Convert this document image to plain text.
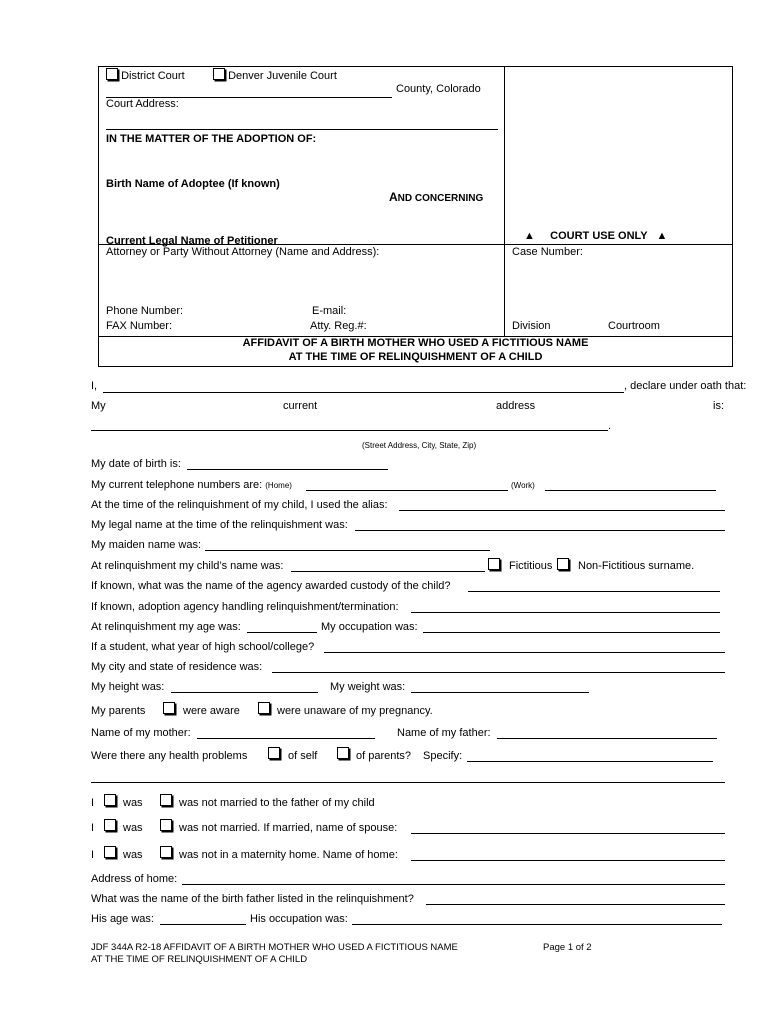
District Court	Denver Juvenile Court
County, Colorado
Court Address:
IN THE MATTER OF THE ADOPTION OF:
Birth Name of Adoptee (If known)
AND CONCERNING
Current Legal Name of Petitioner	▲ COURT USE ONLY ▲
Attorney or Party Without Attorney (Name and Address):	Case Number:
Phone Number:	E-mail:
FAX Number:	Atty. Reg.#:	Division	Courtroom
AFFIDAVIT OF A BIRTH MOTHER WHO USED A FICTITIOUS NAME
AT THE TIME OF RELINQUISHMENT OF A CHILD
I,	, declare under oath that:
My	current	address	is:
.
(Street Address, City, State, Zip)
My date of birth is:
My current telephone numbers are: (Home)	(Work)
At the time of the relinquishment of my child, I used the alias:
My legal name at the time of the relinquishment was:
My maiden name was:
At relinquishment my child’s name was:	Fictitious Non-Fictitious surname.
If known, what was the name of the agency awarded custody of the child?
If known, adoption agency handling relinquishment/termination:
At relinquishment my age was:	My occupation was:
If a student, what year of high school/college?
My city and state of residence was:
My height was:	My weight was:
My parents	were aware	were unaware of my pregnancy.
Name of my mother:	Name of my father:
Were there any health problems	of self	of parents? Specify:
I	was	was not married to the father of my child
I	was	was not married. If married, name of spouse:
I	was	was not in a maternity home. Name of home:
Address of home:
What was the name of the birth father listed in the relinquishment?
His age was:	His occupation was:
JDF 344A R2-18 AFFIDAVIT OF A BIRTH MOTHER WHO USED A FICTITIOUS NAME
AT THE TIME OF RELINQUISHMENT OF A CHILD
Page 1 of 2
